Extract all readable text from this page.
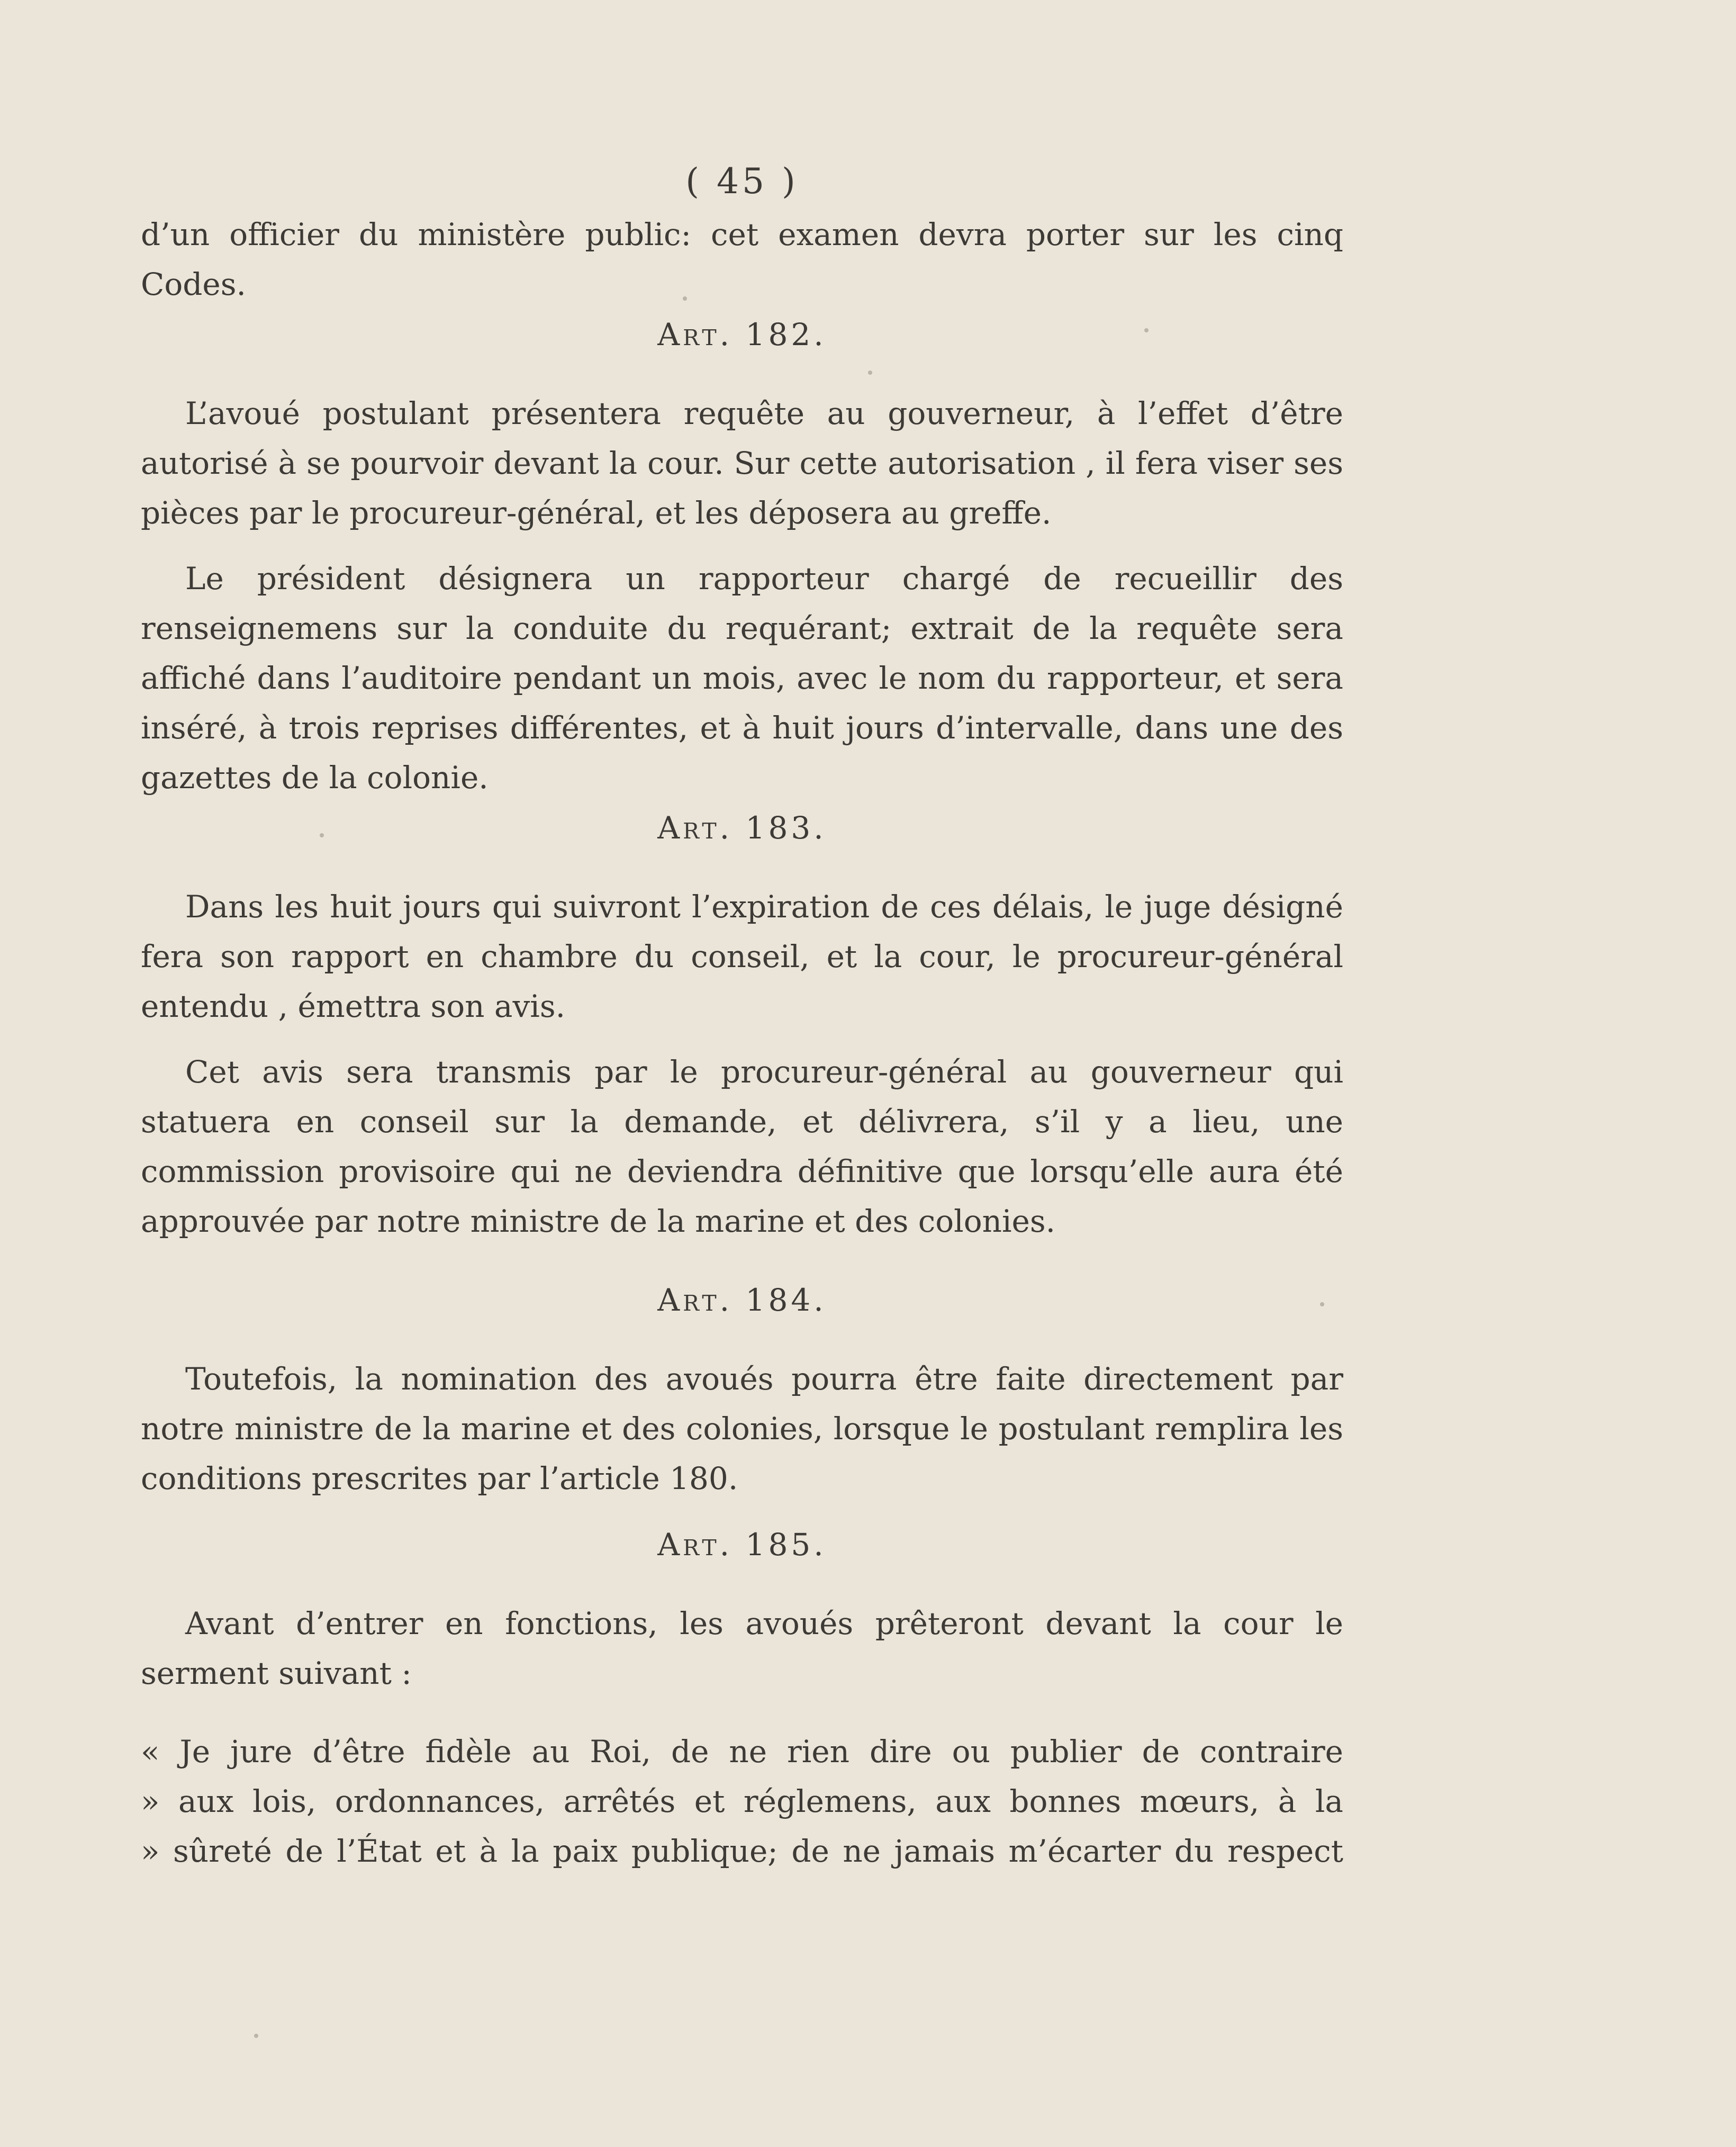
( 45 )

d’un officier du ministère public: cet examen devra porter sur les cinq Codes.

Art. 182.

L’avoué postulant présentera requête au gouverneur, à l’effet d’être autorisé à se pourvoir devant la cour. Sur cette autorisation , il fera viser ses pièces par le procureur-général, et les déposera au greffe.

Le président désignera un rapporteur chargé de recueillir des renseignemens sur la conduite du requérant; extrait de la requête sera affiché dans l’auditoire pendant un mois, avec le nom du rapporteur, et sera inséré, à trois reprises différentes, et à huit jours d’intervalle, dans une des gazettes de la colonie.

Art. 183.

Dans les huit jours qui suivront l’expiration de ces délais, le juge désigné fera son rapport en chambre du conseil, et la cour, le procureur-général entendu , émettra son avis.

Cet avis sera transmis par le procureur-général au gouverneur qui statuera en conseil sur la demande, et délivrera, s’il y a lieu, une commission provisoire qui ne deviendra définitive que lorsqu’elle aura été approuvée par notre ministre de la marine et des colonies.

Art. 184.

Toutefois, la nomination des avoués pourra être faite directement par notre ministre de la marine et des colonies, lorsque le postulant remplira les conditions prescrites par l’article 180.

Art. 185.

Avant d’entrer en fonctions, les avoués prêteront devant la cour le serment suivant :

« Je jure d’être fidèle au Roi, de ne rien dire ou publier de contraire

» aux lois, ordonnances, arrêtés et réglemens, aux bonnes mœurs, à la

» sûreté de l’État et à la paix publique; de ne jamais m’écarter du respect
